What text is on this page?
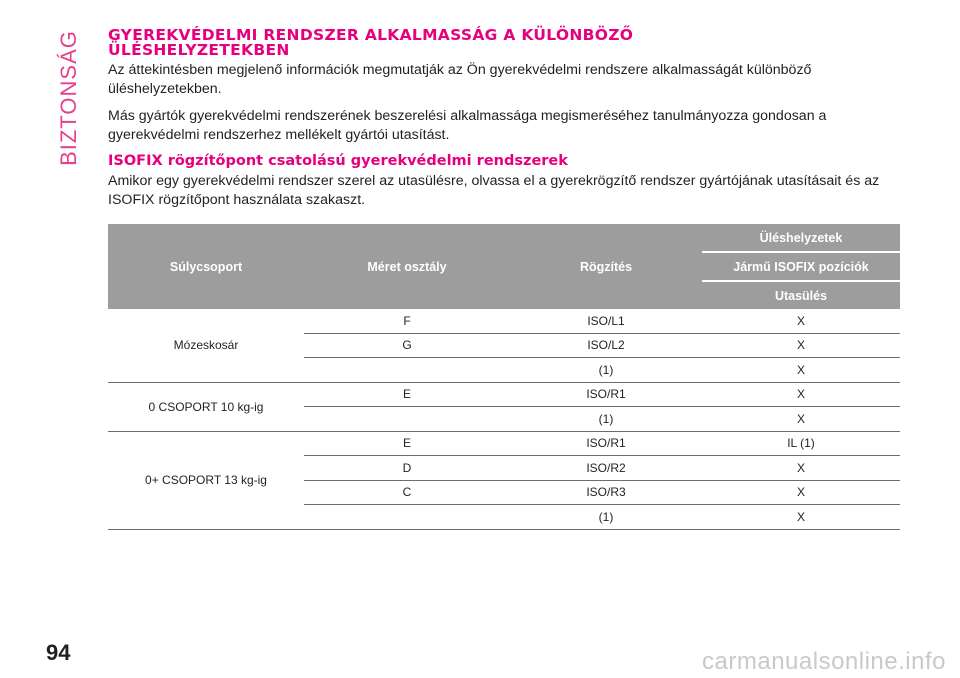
BIZTONSÁG GYEREKVÉDELMI RENDSZER ALKALMASSÁG A KÜLÖNBÖZŐ
ÜLÉSHELYZETEKBEN

Az áttekintésben megjelenő információk megmutatják az Ön gyerekvédelmi rendszere alkalmasságát különböző üléshelyzetekben.

Más gyártók gyerekvédelmi rendszerének beszerelési alkalmassága megismeréséhez tanulmányozza gondosan a gyerekvédelmi rendszerhez mellékelt gyártói utasítást.

ISOFIX rögzítőpont csatolású gyerekvédelmi rendszerek

Amikor egy gyerekvédelmi rendszer szerel az utasülésre, olvassa el a gyerekrögzítő rendszer gyártójának utasításait és az ISOFIX rögzítőpont használata szakaszt.

Súlycsoport	Méret osztály	Rögzítés	Üléshelyzetek
			Jármű ISOFIX pozíciók
			Utasülés
Mózeskosár	F	ISO/L1	X
	G	ISO/L2	X
		(1)	X
0 CSOPORT 10 kg-ig	E	ISO/R1	X
		(1)	X
0+ CSOPORT 13 kg-ig	E	ISO/R1	IL (1)
	D	ISO/R2	X
	C	ISO/R3	X
		(1)	X
94	carmanualsonline.info
